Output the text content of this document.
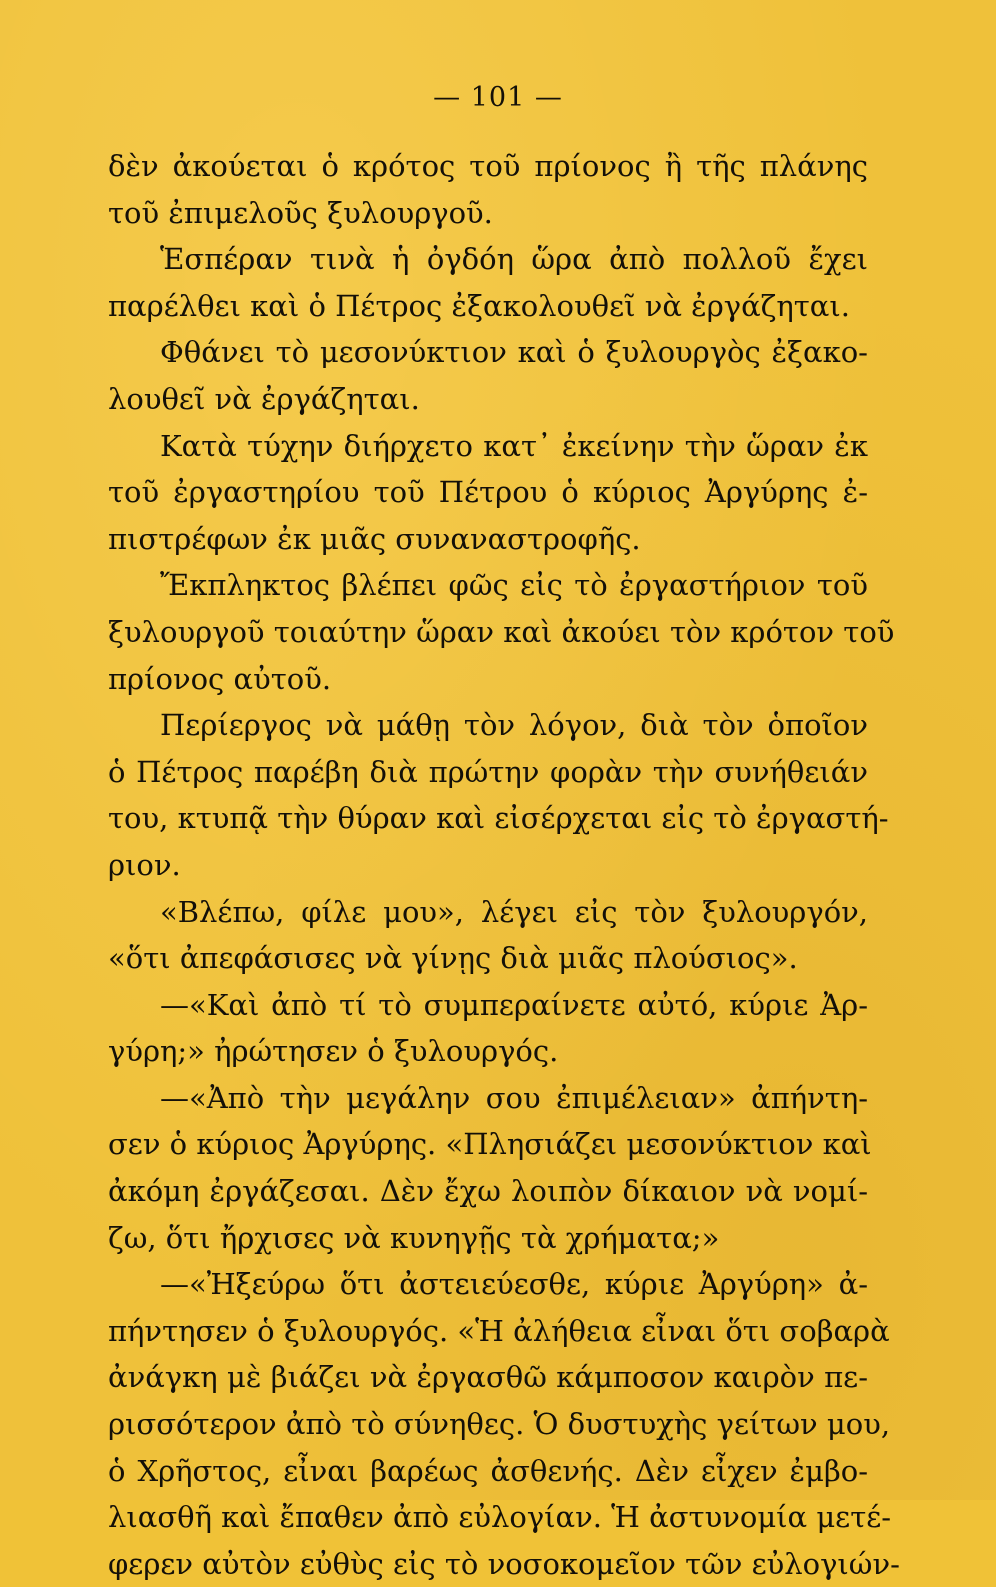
— 101 —
δὲν ἀκούεται ὁ κρότος τοῦ πρίονος ἢ τῆς πλάνης
τοῦ ἐπιμελοῦς ξυλουργοῦ.
Ἑσπέραν τινὰ ἡ ὀγδόη ὥρα ἀπὸ πολλοῦ ἔχει
παρέλθει καὶ ὁ Πέτρος ἐξακολουθεῖ νὰ ἐργάζηται.
Φθάνει τὸ μεσονύκτιον καὶ ὁ ξυλουργὸς ἐξακο-
λουθεῖ νὰ ἐργάζηται.
Κατὰ τύχην διήρχετο κατ᾿ ἐκείνην τὴν ὥραν ἐκ
τοῦ ἐργαστηρίου τοῦ Πέτρου ὁ κύριος Ἀργύρης ἐ-
πιστρέφων ἐκ μιᾶς συναναστροφῆς.
Ἔκπληκτος βλέπει φῶς εἰς τὸ ἐργαστήριον τοῦ
ξυλουργοῦ τοιαύτην ὥραν καὶ ἀκούει τὸν κρότον τοῦ
πρίονος αὐτοῦ.
Περίεργος νὰ μάθῃ τὸν λόγον, διὰ τὸν ὁποῖον
ὁ Πέτρος παρέβη διὰ πρώτην φορὰν τὴν συνήθειάν
του, κτυπᾷ τὴν θύραν καὶ εἰσέρχεται εἰς τὸ ἐργαστή-
ριον.
«Βλέπω, φίλε μου», λέγει εἰς τὸν ξυλουργόν,
«ὅτι ἀπεφάσισες νὰ γίνῃς διὰ μιᾶς πλούσιος».
—«Καὶ ἀπὸ τί τὸ συμπεραίνετε αὐτό, κύριε Ἀρ-
γύρη;» ἠρώτησεν ὁ ξυλουργός.
—«Ἀπὸ τὴν μεγάλην σου ἐπιμέλειαν» ἀπήντη-
σεν ὁ κύριος Ἀργύρης. «Πλησιάζει μεσονύκτιον καὶ
ἀκόμη ἐργάζεσαι. Δὲν ἔχω λοιπὸν δίκαιον νὰ νομί-
ζω, ὅτι ἤρχισες νὰ κυνηγῇς τὰ χρήματα;»
—«Ἠξεύρω ὅτι ἀστειεύεσθε, κύριε Ἀργύρη» ἀ-
πήντησεν ὁ ξυλουργός. «Ἡ ἀλήθεια εἶναι ὅτι σοβαρὰ
ἀνάγκη μὲ βιάζει νὰ ἐργασθῶ κάμποσον καιρὸν πε-
ρισσότερον ἀπὸ τὸ σύνηθες. Ὁ δυστυχὴς γείτων μου,
ὁ Χρῆστος, εἶναι βαρέως ἀσθενής. Δὲν εἶχεν ἐμβο-
λιασθῆ καὶ ἔπαθεν ἀπὸ εὐλογίαν. Ἡ ἀστυνομία μετέ-
φερεν αὐτὸν εὐθὺς εἰς τὸ νοσοκομεῖον τῶν εὐλογιών-
